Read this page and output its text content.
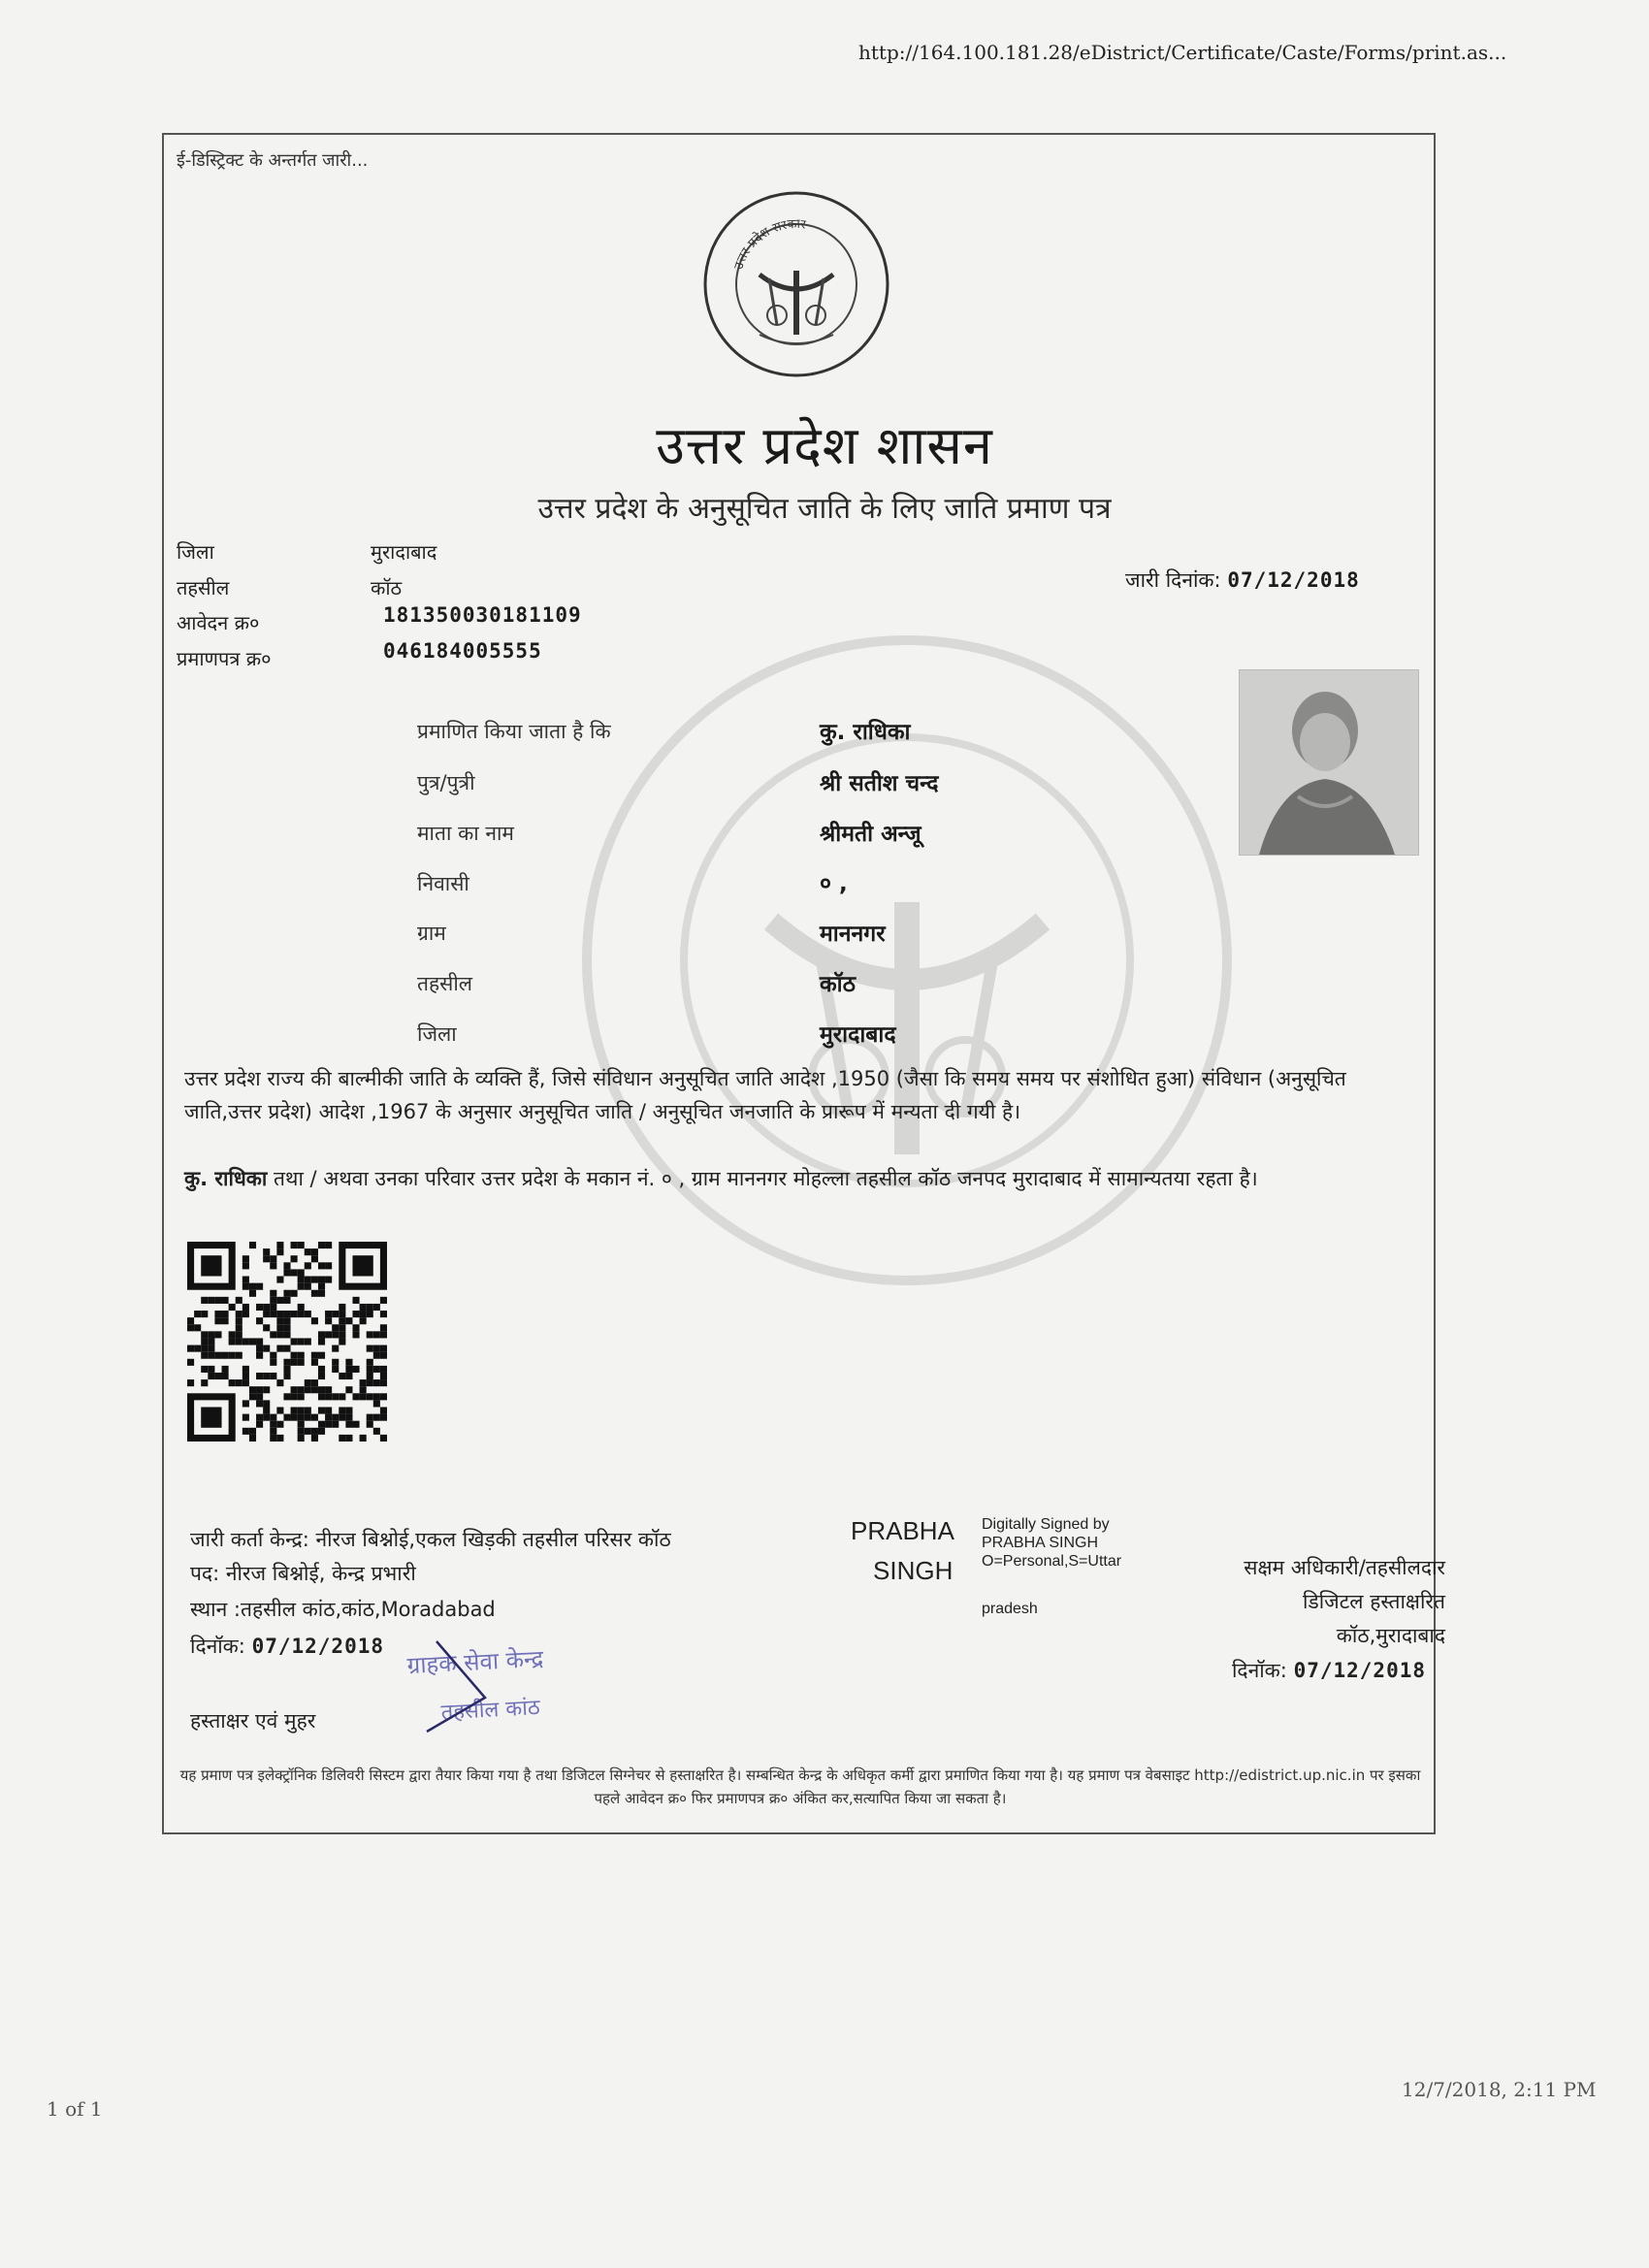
http://164.100.181.28/eDistrict/Certificate/Caste/Forms/print.as...
ई-डिस्ट्रिक्ट के अन्तर्गत जारी...
उत्तर प्रदेश सरकार
उत्तर प्रदेश शासन
उत्तर प्रदेश के अनुसूचित जाति के लिए जाति प्रमाण पत्र
जिला	मुरादाबाद
तहसील	कॉठ
आवेदन क्र०	181350030181109
प्रमाणपत्र क्र०	046184005555
जारी दिनांक: 07/12/2018
प्रमाणित किया जाता है कि	कु. राधिका
पुत्र/पुत्री	श्री सतीश चन्द
माता का नाम	श्रीमती अन्जू
निवासी	० ,
ग्राम	माननगर
तहसील	कॉठ
जिला	मुरादाबाद
उत्तर प्रदेश राज्य की बाल्मीकी जाति के व्यक्ति हैं, जिसे संविधान अनुसूचित जाति आदेश ,1950 (जैसा कि समय समय पर संशोधित हुआ) संविधान (अनुसूचित जाति,उत्तर प्रदेश) आदेश ,1967 के अनुसार अनुसूचित जाति / अनुसूचित जनजाति के प्रारूप में मन्यता दी गयी है।
कु. राधिका तथा / अथवा उनका परिवार उत्तर प्रदेश के मकान नं. ० , ग्राम माननगर मोहल्ला तहसील कॉठ जनपद मुरादाबाद में सामान्यतया रहता है।
जारी कर्ता केन्द्र: नीरज बिश्नोई,एकल खिड़की तहसील परिसर कॉठ
पद: नीरज बिश्नोई, केन्द्र प्रभारी
स्थान :तहसील कांठ,कांठ,Moradabad
दिनॉक: 07/12/2018
हस्ताक्षर एवं मुहर
ग्राहक सेवा केन्द्र
तहसील कांठ
PRABHA
SINGH
Digitally Signed by
PRABHA SINGH
O=Personal,S=Uttar
pradesh
सक्षम अधिकारी/तहसीलदार
डिजिटल हस्ताक्षरित
कॉठ,मुरादाबाद
दिनॉक: 07/12/2018
यह प्रमाण पत्र इलेक्ट्रॉनिक डिलिवरी सिस्टम द्वारा तैयार किया गया है तथा डिजिटल सिग्नेचर से हस्ताक्षरित है। सम्बन्धित केन्द्र के अधिकृत कर्मी द्वारा प्रमाणित किया गया है। यह प्रमाण पत्र वेबसाइट http://edistrict.up.nic.in पर इसका पहले आवेदन क्र० फिर प्रमाणपत्र क्र० अंकित कर,सत्यापित किया जा सकता है।
1 of 1
12/7/2018, 2:11 PM
